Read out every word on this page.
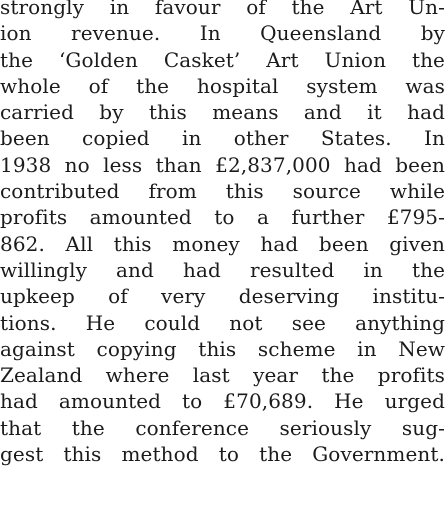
strongly in favour of the Art Un-
ion revenue. In Queensland by
the ‘Golden Casket’ Art Union the
whole of the hospital system was
carried by this means and it had
been copied in other States. In
1938 no less than £2,837,000 had been
contributed from this source while
profits amounted to a further £795-
862. All this money had been given
willingly and had resulted in the
upkeep of very deserving institu-
tions. He could not see anything
against copying this scheme in New
Zealand where last year the profits
had amounted to £70,689. He urged
that the conference seriously sug-
gest this method to the Government.
